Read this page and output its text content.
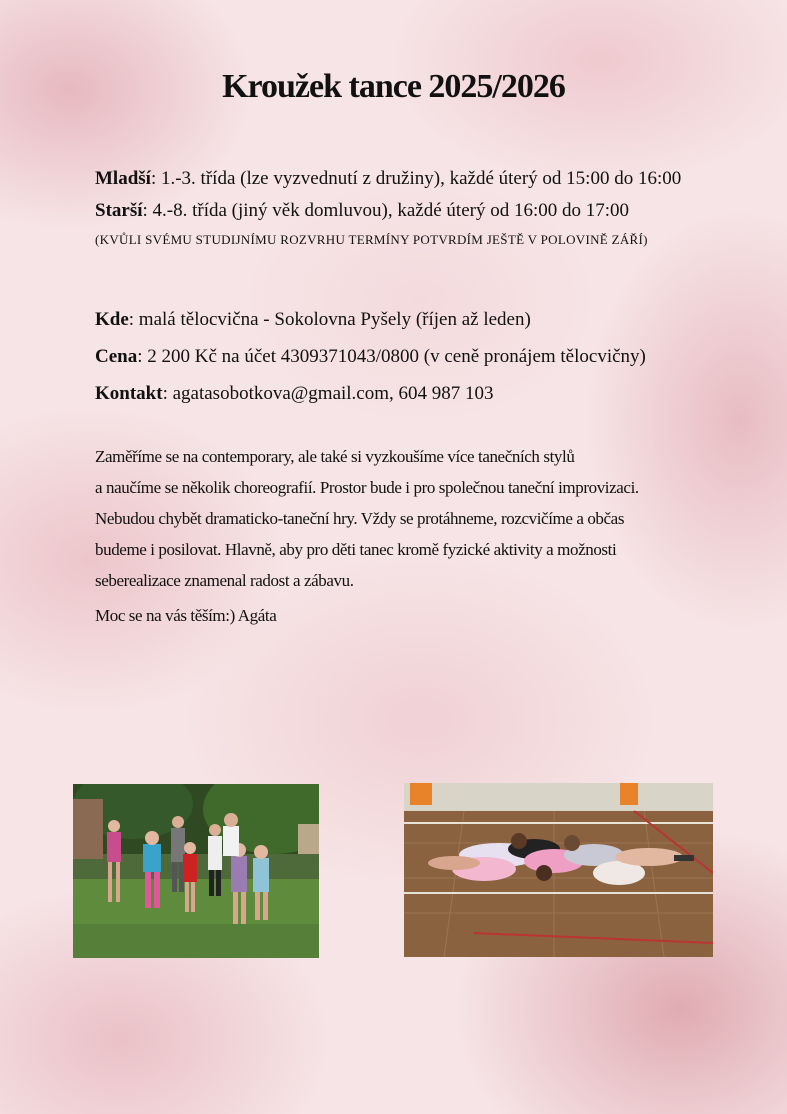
Kroužek tance 2025/2026
Mladší: 1.-3. třída (lze vyzvednutí z družiny), každé úterý od 15:00 do 16:00
Starší: 4.-8. třída (jiný věk domluvou), každé úterý od 16:00 do 17:00
(KVŮLI SVÉMU STUDIJNÍMU ROZVRHU TERMÍNY POTVRDÍM JEŠTĚ V POLOVINĚ ZÁŘÍ)
Kde: malá tělocvična - Sokolovna Pyšely (říjen až leden)
Cena: 2 200 Kč na účet 4309371043/0800 (v ceně pronájem tělocvičny)
Kontakt: agatasobotkova@gmail.com, 604 987 103

Zaměříme se na contemporary, ale také si vyzkoušíme více tanečních stylů
a naučíme se několik choreografií. Prostor bude i pro společnou taneční improvizaci.
Nebudou chybět dramaticko-taneční hry. Vždy se protáhneme, rozcvičíme a občas
budeme i posilovat. Hlavně, aby pro děti tanec kromě fyzické aktivity a možnosti
seberealizace znamenal radost a zábavu.
Moc se na vás těším:) Agáta
